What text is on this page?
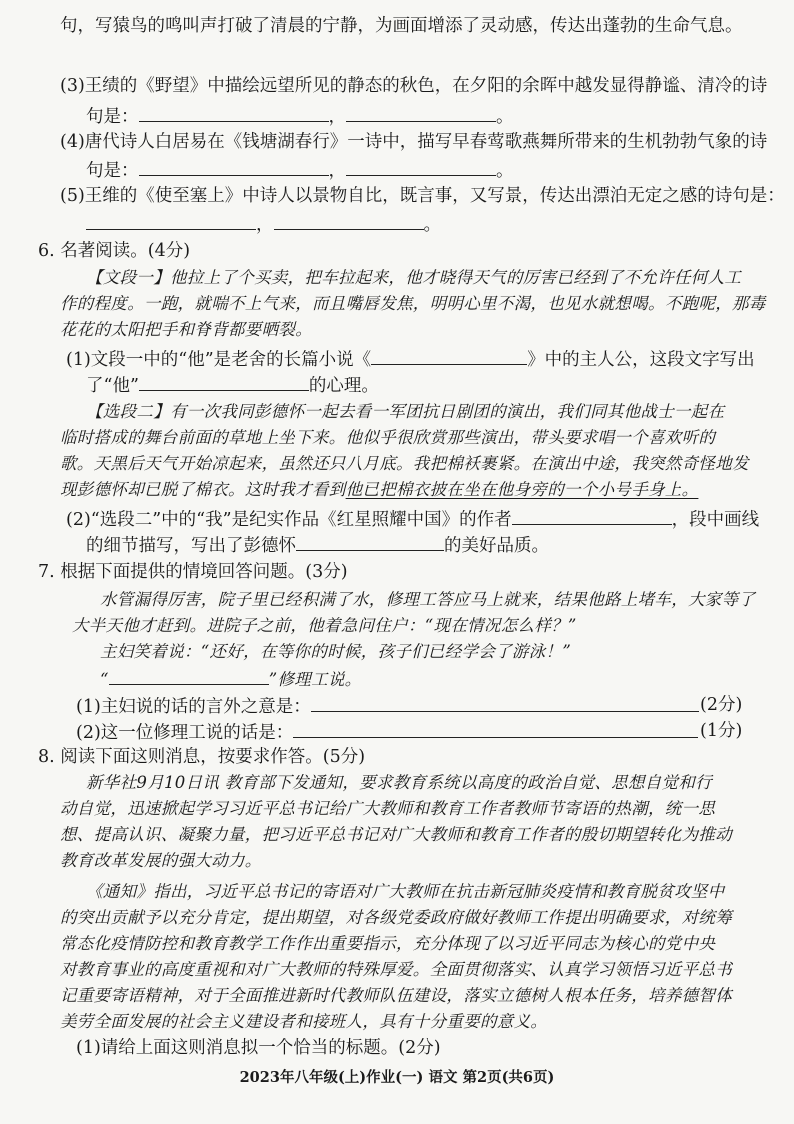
句，写猿鸟的鸣叫声打破了清晨的宁静，为画面增添了灵动感，传达出蓬勃的生命气息。
(3)王绩的《野望》中描绘远望所见的静态的秋色，在夕阳的余晖中越发显得静谧、清冷的诗
句是：	，	。
(4)唐代诗人白居易在《钱塘湖春行》一诗中，描写早春莺歌燕舞所带来的生机勃勃气象的诗
句是：	，	。
(5)王维的《使至塞上》中诗人以景物自比，既言事，又写景，传达出漂泊无定之感的诗句是：
，	。
6. 名著阅读。(4分)
【文段一】他拉上了个买卖，把车拉起来，他才晓得天气的厉害已经到了不允许任何人工
作的程度。一跑，就喘不上气来，而且嘴唇发焦，明明心里不渴，也见水就想喝。不跑呢，那毒
花花的太阳把手和脊背都要晒裂。
(1)文段一中的“他”是老舍的长篇小说《	》中的主人公，这段文字写出
了“他”	的心理。
【选段二】有一次我同彭德怀一起去看一军团抗日剧团的演出，我们同其他战士一起在
临时搭成的舞台前面的草地上坐下来。他似乎很欣赏那些演出，带头要求唱一个喜欢听的
歌。天黑后天气开始凉起来，虽然还只八月底。我把棉袄裹紧。在演出中途，我突然奇怪地发
现彭德怀却已脱了棉衣。这时我才看到他已把棉衣披在坐在他身旁的一个小号手身上。
(2)“选段二”中的“我”是纪实作品《红星照耀中国》的作者	，段中画线
的细节描写，写出了彭德怀	的美好品质。
7. 根据下面提供的情境回答问题。(3分)
水管漏得厉害，院子里已经积满了水，修理工答应马上就来，结果他路上堵车，大家等了
大半天他才赶到。进院子之前，他着急问住户：“现在情况怎么样？”
主妇笑着说：“还好，在等你的时候，孩子们已经学会了游泳！”
“	”修理工说。
(1)主妇说的话的言外之意是：	(2分)
(2)这一位修理工说的话是：	(1分)
8. 阅读下面这则消息，按要求作答。(5分)
新华社9月10日讯 教育部下发通知，要求教育系统以高度的政治自觉、思想自觉和行
动自觉，迅速掀起学习习近平总书记给广大教师和教育工作者教师节寄语的热潮，统一思
想、提高认识、凝聚力量，把习近平总书记对广大教师和教育工作者的殷切期望转化为推动
教育改革发展的强大动力。
《通知》指出，习近平总书记的寄语对广大教师在抗击新冠肺炎疫情和教育脱贫攻坚中
的突出贡献予以充分肯定，提出期望，对各级党委政府做好教师工作提出明确要求，对统筹
常态化疫情防控和教育教学工作作出重要指示，充分体现了以习近平同志为核心的党中央
对教育事业的高度重视和对广大教师的特殊厚爱。全面贯彻落实、认真学习领悟习近平总书
记重要寄语精神，对于全面推进新时代教师队伍建设，落实立德树人根本任务，培养德智体
美劳全面发展的社会主义建设者和接班人，具有十分重要的意义。
(1)请给上面这则消息拟一个恰当的标题。(2分)
2023年八年级(上)作业(一) 语文 第2页(共6页)
